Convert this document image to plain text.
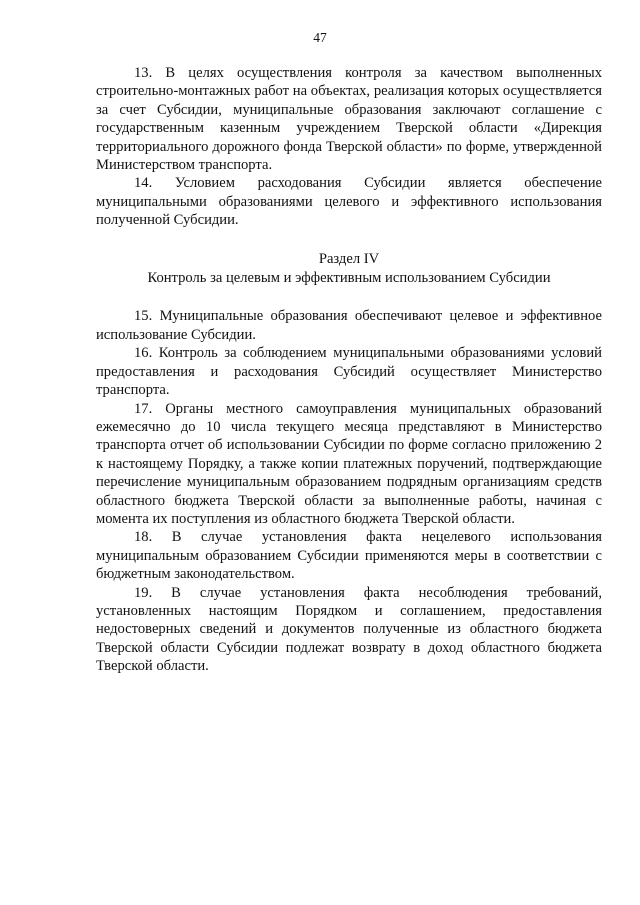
47

13. В целях осуществления контроля за качеством выполненных строительно-монтажных работ на объектах, реализация которых осуществляется за счет Субсидии, муниципальные образования заключают соглашение с государственным казенным учреждением Тверской области «Дирекция территориального дорожного фонда Тверской области» по форме, утвержденной Министерством транспорта.

14. Условием расходования Субсидии является обеспечение муниципальными образованиями целевого и эффективного использования полученной Субсидии.

Раздел IV

Контроль за целевым и эффективным использованием Субсидии

15. Муниципальные образования обеспечивают целевое и эффективное использование Субсидии.

16. Контроль за соблюдением муниципальными образованиями условий предоставления и расходования Субсидий осуществляет Министерство транспорта.

17. Органы местного самоуправления муниципальных образований ежемесячно до 10 числа текущего месяца представляют в Министерство транспорта отчет об использовании Субсидии по форме согласно приложению 2 к настоящему Порядку, а также копии платежных поручений, подтверждающие перечисление муниципальным образованием подрядным организациям средств областного бюджета Тверской области за выполненные работы, начиная с момента их поступления из областного бюджета Тверской области.

18. В случае установления факта нецелевого использования муниципальным образованием Субсидии применяются меры в соответствии с бюджетным законодательством.

19. В случае установления факта несоблюдения требований, установленных настоящим Порядком и соглашением, предоставления недостоверных сведений и документов полученные из областного бюджета Тверской области Субсидии подлежат возврату в доход областного бюджета Тверской области.
